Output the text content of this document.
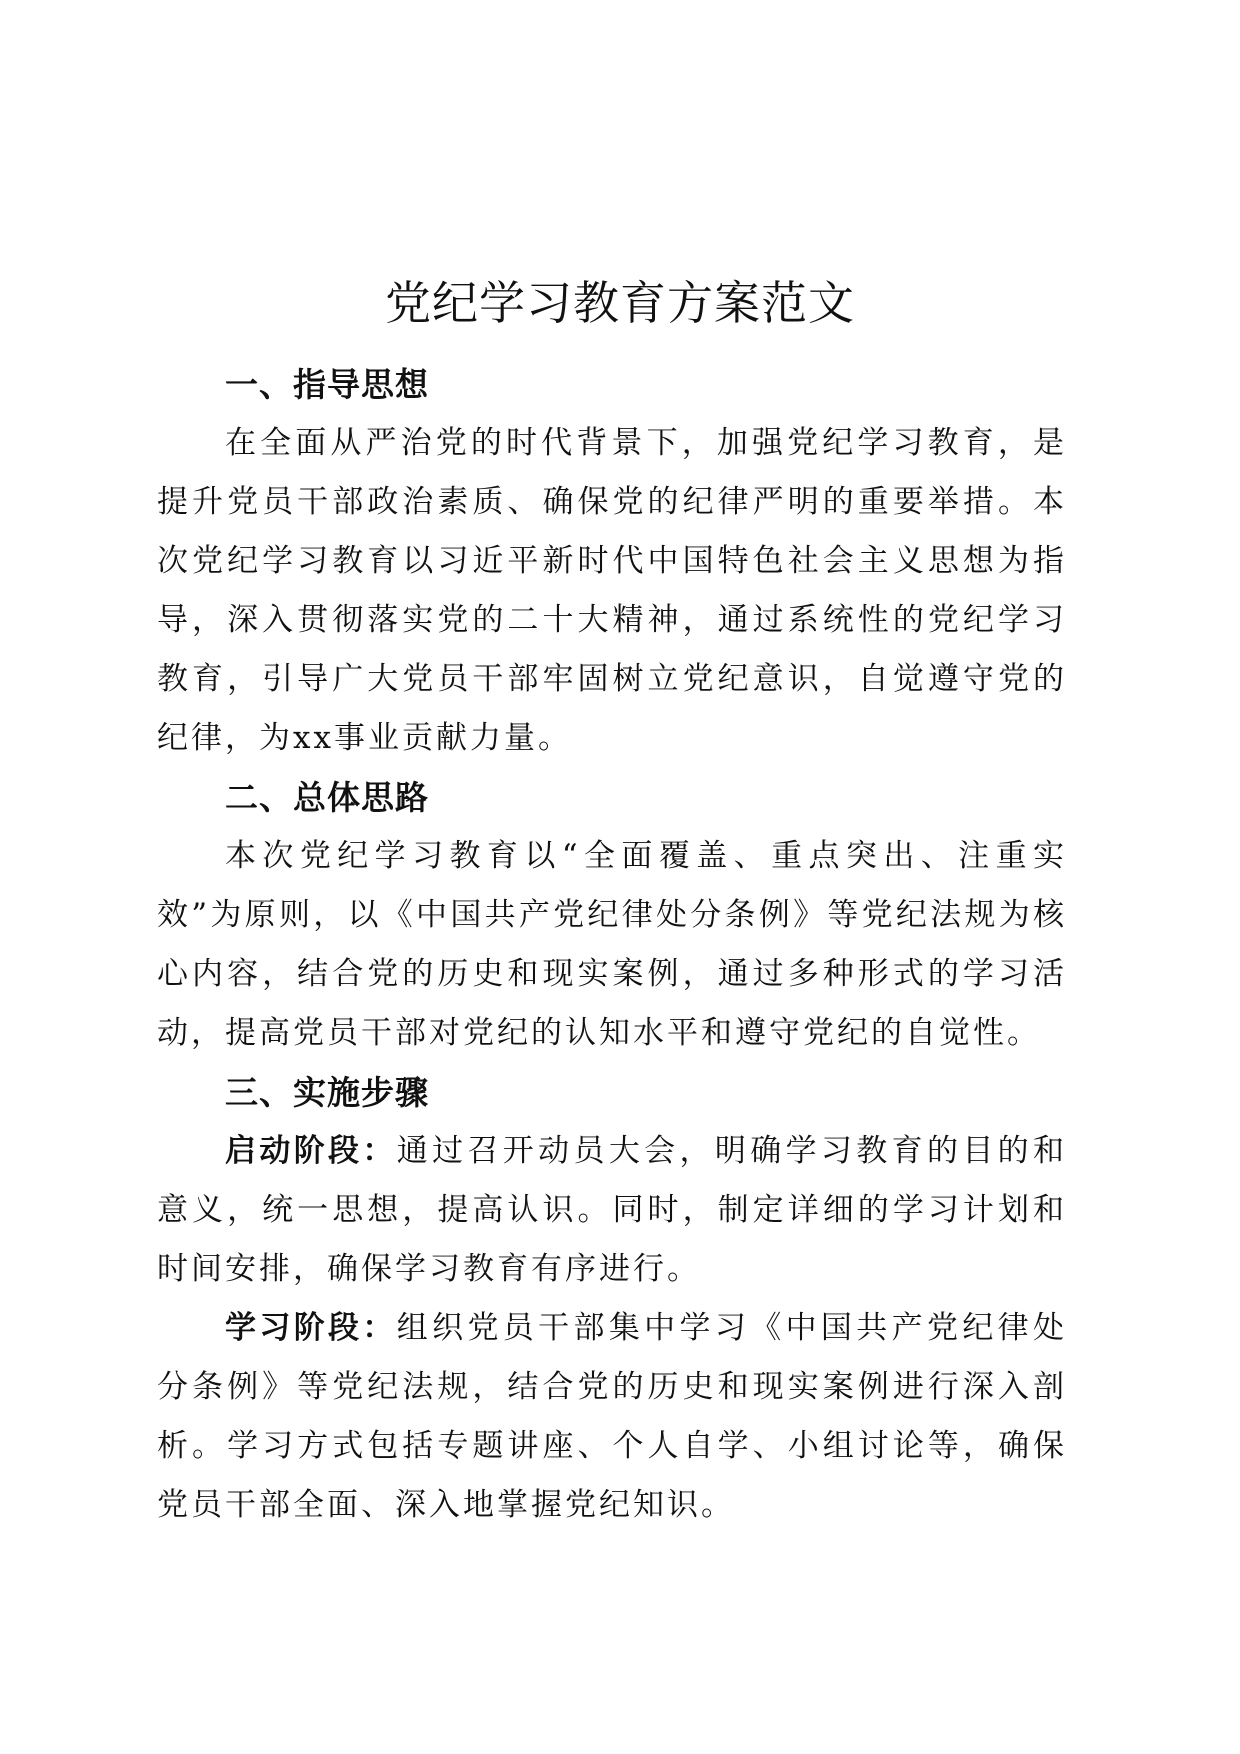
党纪学习教育方案范文
一、指导思想

在全面从严治党的时代背景下，加强党纪学习教育，是提升党员干部政治素质、确保党的纪律严明的重要举措。本次党纪学习教育以习近平新时代中国特色社会主义思想为指导，深入贯彻落实党的二十大精神，通过系统性的党纪学习教育，引导广大党员干部牢固树立党纪意识，自觉遵守党的纪律，为xx事业贡献力量。

二、总体思路

本次党纪学习教育以“全面覆盖、重点突出、注重实效”为原则，以《中国共产党纪律处分条例》等党纪法规为核心内容，结合党的历史和现实案例，通过多种形式的学习活动，提高党员干部对党纪的认知水平和遵守党纪的自觉性。

三、实施步骤

启动阶段：通过召开动员大会，明确学习教育的目的和意义，统一思想，提高认识。同时，制定详细的学习计划和时间安排，确保学习教育有序进行。

学习阶段：组织党员干部集中学习《中国共产党纪律处分条例》等党纪法规，结合党的历史和现实案例进行深入剖析。学习方式包括专题讲座、个人自学、小组讨论等，确保党员干部全面、深入地掌握党纪知识。
